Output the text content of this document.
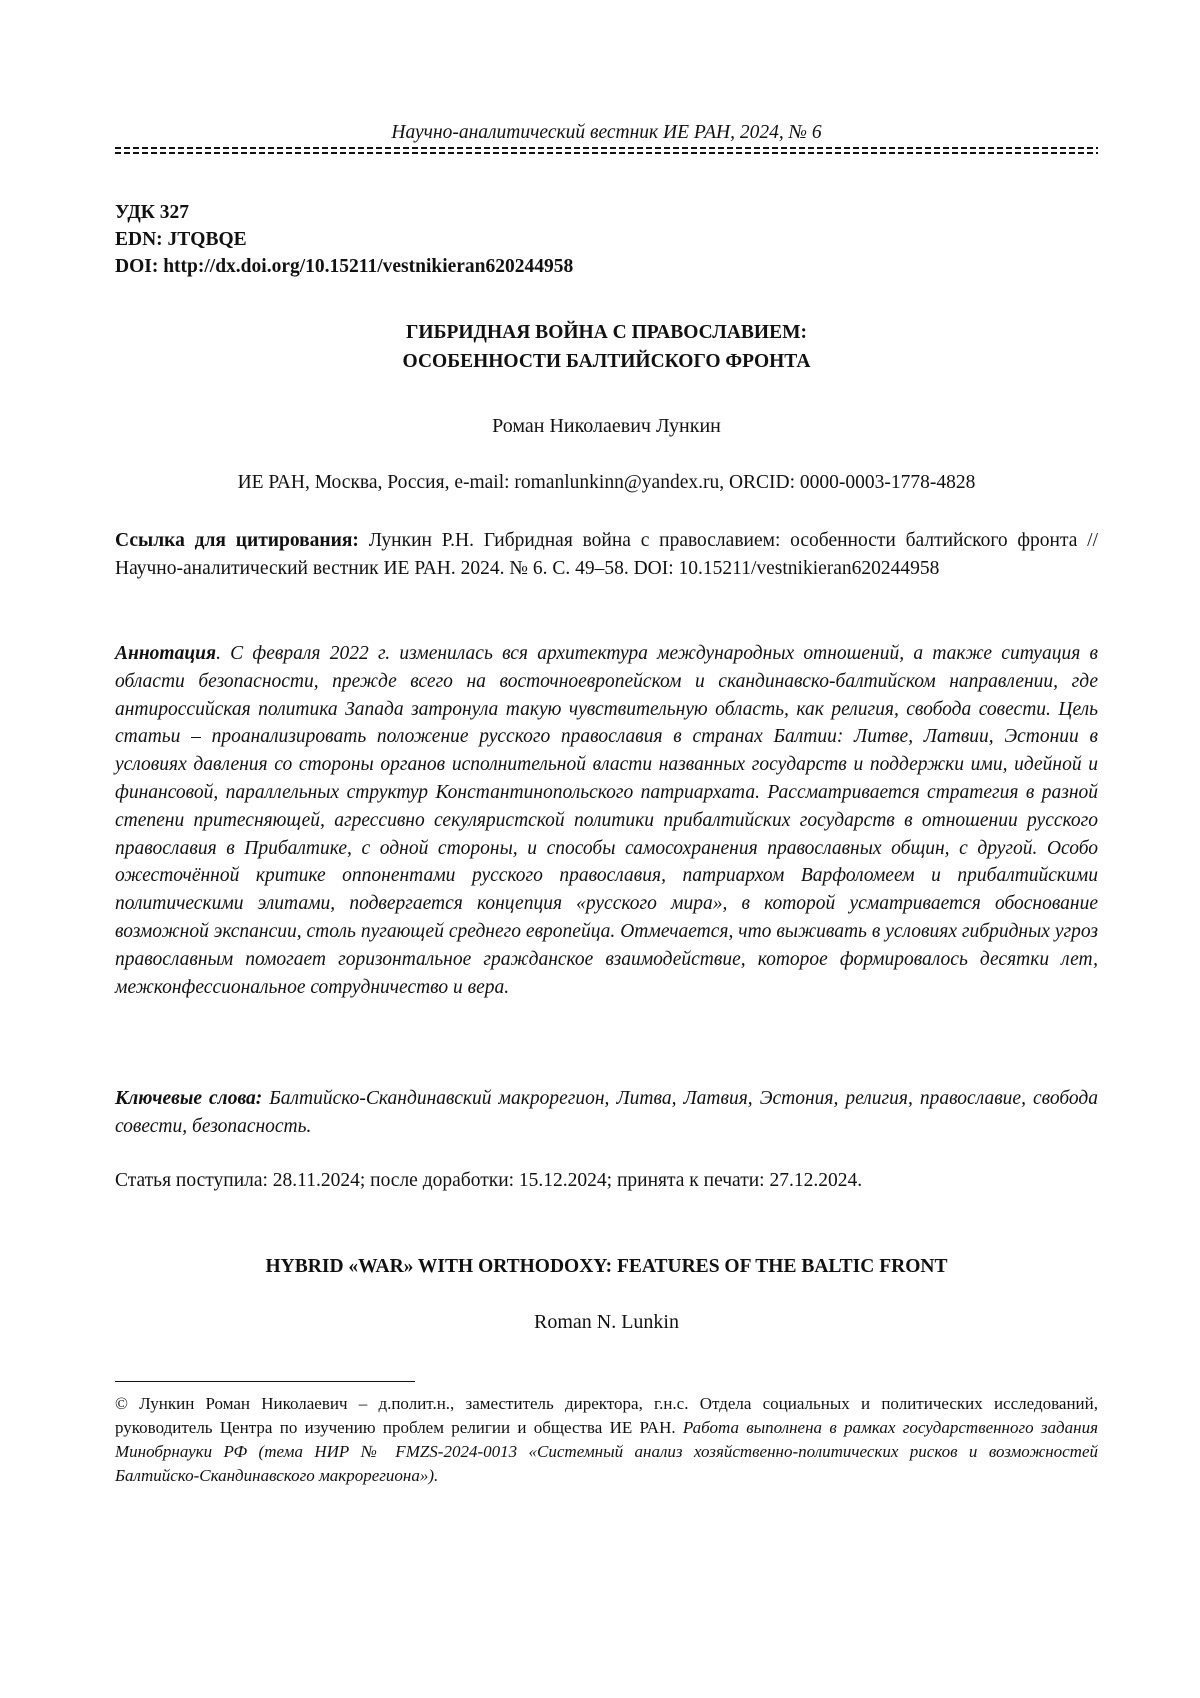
Научно-аналитический вестник ИЕ РАН, 2024, № 6
УДК 327
EDN: JTQBQE
DOI: http://dx.doi.org/10.15211/vestnikieran620244958
ГИБРИДНАЯ ВОЙНА С ПРАВОСЛАВИЕМ:
ОСОБЕННОСТИ БАЛТИЙСКОГО ФРОНТА
Роман Николаевич Лункин
ИЕ РАН, Москва, Россия, e-mail: romanlunkinn@yandex.ru, ORCID: 0000-0003-1778-4828
Ссылка для цитирования: Лункин Р.Н. Гибридная война с православием: особенности балтийского фронта // Научно-аналитический вестник ИЕ РАН. 2024. № 6. С. 49–58. DOI: 10.15211/vestnikieran620244958
Аннотация. С февраля 2022 г. изменилась вся архитектура международных отношений, а также ситуация в области безопасности, прежде всего на восточноевропейском и скандинавско-балтийском направлении, где антироссийская политика Запада затронула такую чувствительную область, как религия, свобода совести. Цель статьи – проанализировать положение русского православия в странах Балтии: Литве, Латвии, Эстонии в условиях давления со стороны органов исполнительной власти названных государств и поддержки ими, идейной и финансовой, параллельных структур Константинопольского патриархата. Рассматривается стратегия в разной степени притесняющей, агрессивно секуляристской политики прибалтийских государств в отношении русского православия в Прибалтике, с одной стороны, и способы самосохранения православных общин, с другой. Особо ожесточённой критике оппонентами русского православия, патриархом Варфоломеем и прибалтийскими политическими элитами, подвергается концепция «русского мира», в которой усматривается обоснование возможной экспансии, столь пугающей среднего европейца. Отмечается, что выживать в условиях гибридных угроз православным помогает горизонтальное гражданское взаимодействие, которое формировалось десятки лет, межконфессиональное сотрудничество и вера.
Ключевые слова: Балтийско-Скандинавский макрорегион, Литва, Латвия, Эстония, религия, православие, свобода совести, безопасность.
Статья поступила: 28.11.2024; после доработки: 15.12.2024; принята к печати: 27.12.2024.
HYBRID «WAR» WITH ORTHODOXY: FEATURES OF THE BALTIC FRONT
Roman N. Lunkin
© Лункин Роман Николаевич – д.полит.н., заместитель директора, г.н.с. Отдела социальных и политических исследований, руководитель Центра по изучению проблем религии и общества ИЕ РАН. Работа выполнена в рамках государственного задания Минобрнауки РФ (тема НИР № FMZS-2024-0013 «Системный анализ хозяйственно-политических рисков и возможностей Балтийско-Скандинавского макрорегиона»).
